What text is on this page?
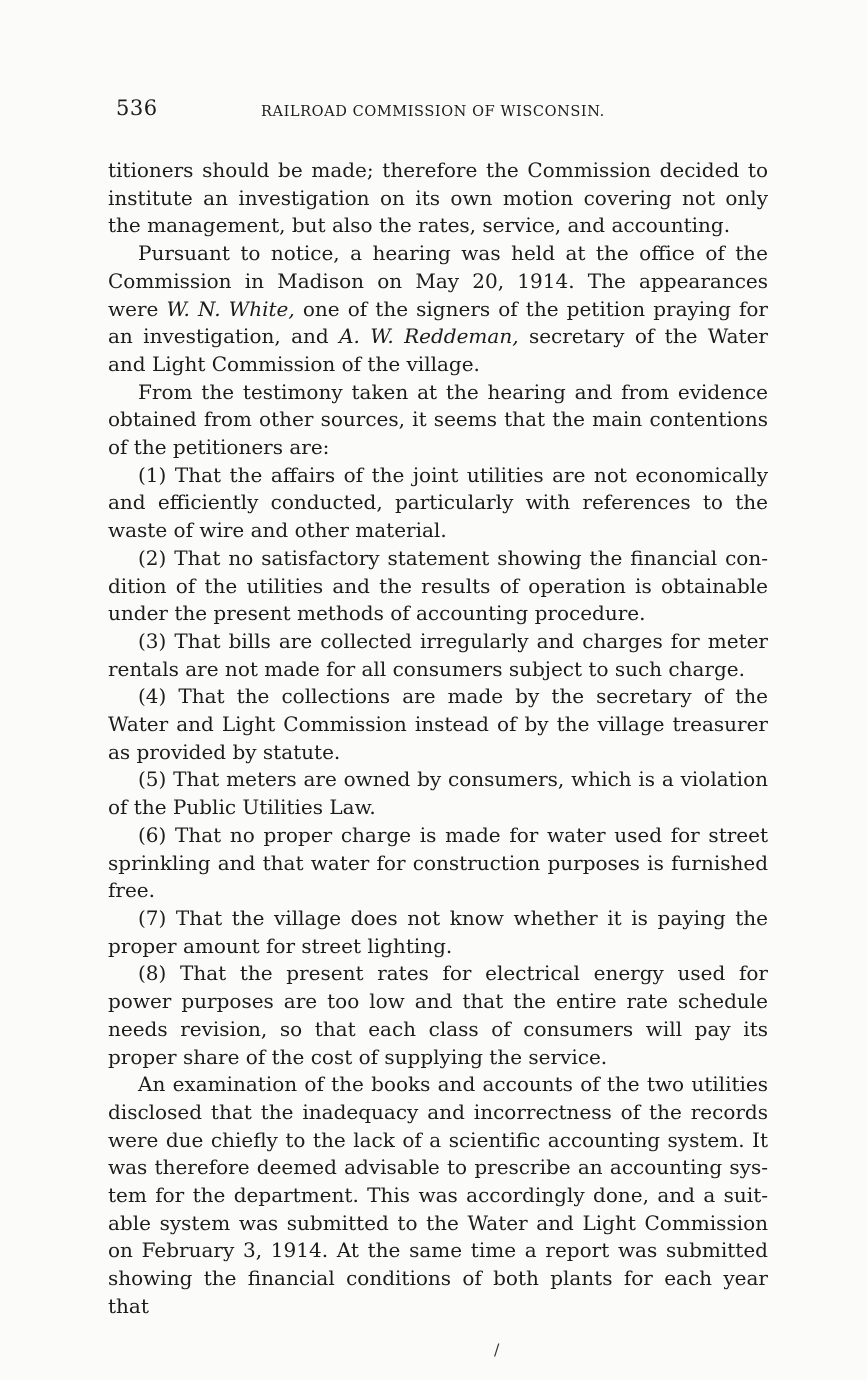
536	RAILROAD COMMISSION OF WISCONSIN.

titioners should be made; therefore the Commission decided to institute an investigation on its own motion covering not only the management, but also the rates, service, and accounting.

Pursuant to notice, a hearing was held at the office of the Commission in Madison on May 20, 1914. The appearances were W. N. White, one of the signers of the petition praying for an investigation, and A. W. Reddeman, secretary of the Water and Light Commission of the village.

From the testimony taken at the hearing and from evidence obtained from other sources, it seems that the main contentions of the petitioners are:

(1) That the affairs of the joint utilities are not economically and efficiently conducted, particularly with references to the waste of wire and other material.

(2) That no satisfactory statement showing the financial condition of the utilities and the results of operation is obtainable under the present methods of accounting procedure.

(3) That bills are collected irregularly and charges for meter rentals are not made for all consumers subject to such charge.

(4) That the collections are made by the secretary of the Water and Light Commission instead of by the village treasurer as provided by statute.

(5) That meters are owned by consumers, which is a violation of the Public Utilities Law.

(6) That no proper charge is made for water used for street sprinkling and that water for construction purposes is furnished free.

(7) That the village does not know whether it is paying the proper amount for street lighting.

(8) That the present rates for electrical energy used for power purposes are too low and that the entire rate schedule needs revision, so that each class of consumers will pay its proper share of the cost of supplying the service.

An examination of the books and accounts of the two utilities disclosed that the inadequacy and incorrectness of the records were due chiefly to the lack of a scientific accounting system. It was therefore deemed advisable to prescribe an accounting system for the department. This was accordingly done, and a suitable system was submitted to the Water and Light Commission on February 3, 1914. At the same time a report was submitted showing the financial conditions of both plants for each year that

/
